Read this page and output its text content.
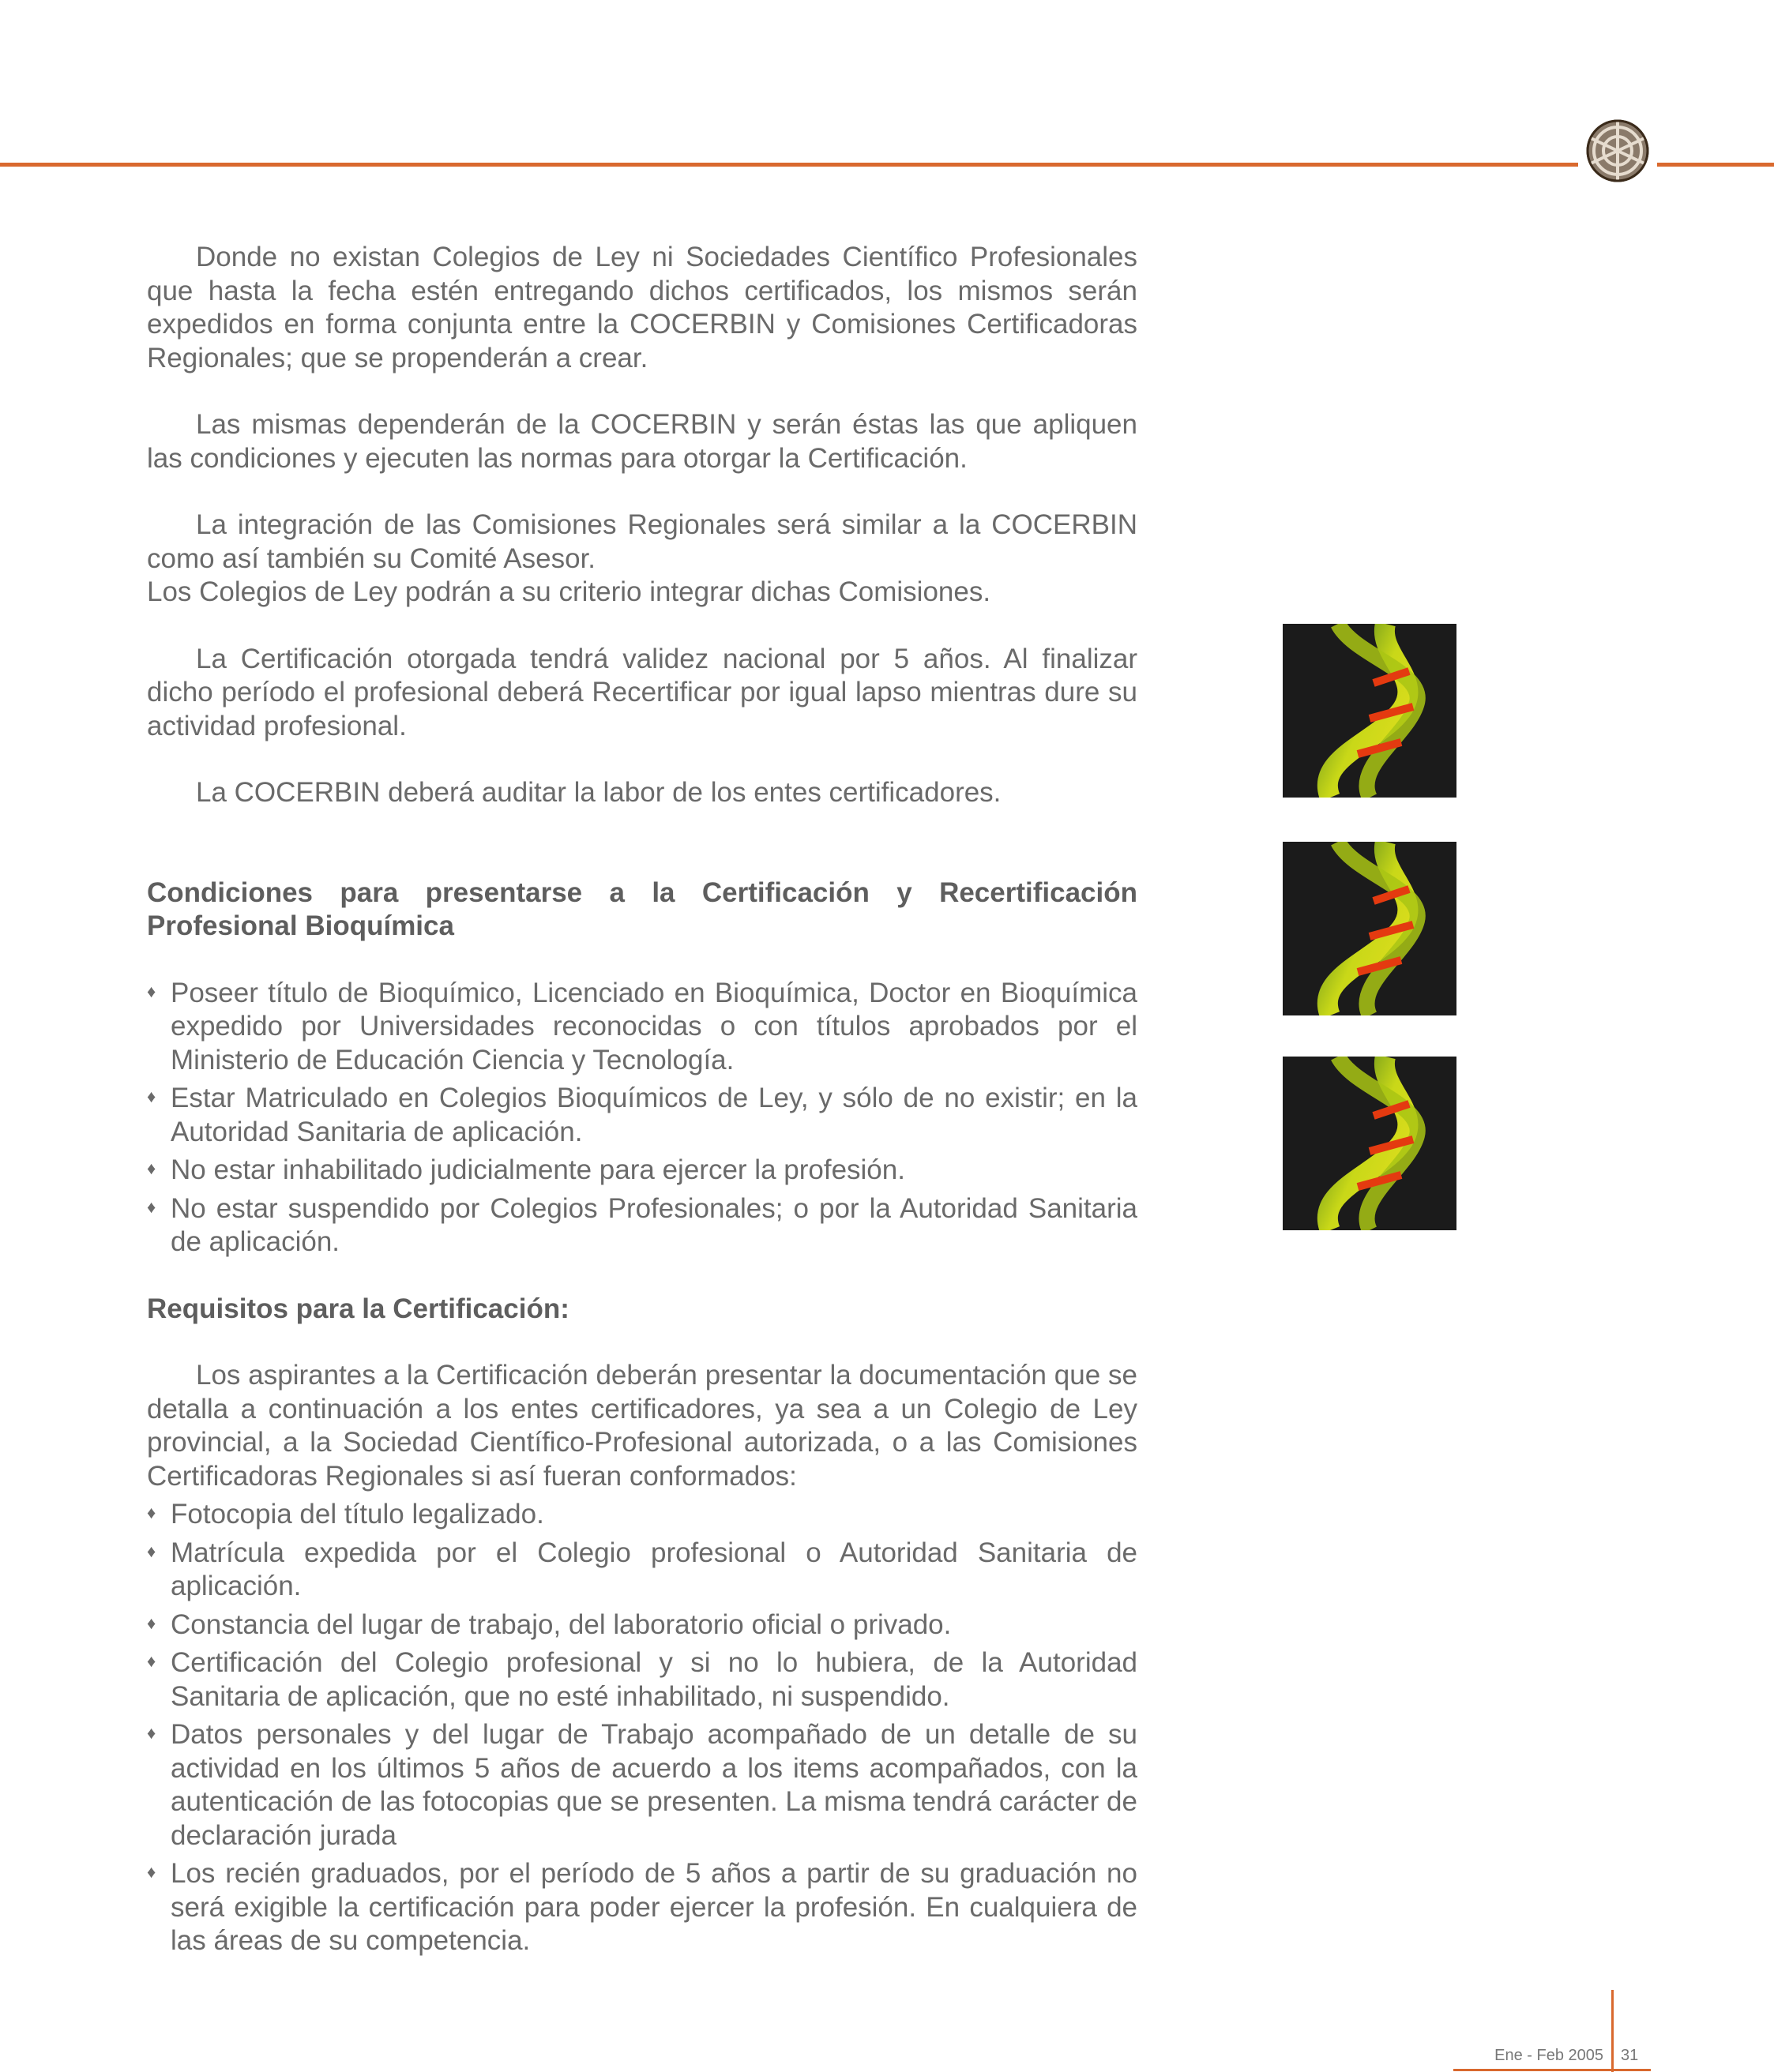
Donde no existan Colegios de Ley ni Sociedades Científico Profesionales que hasta la fecha estén entregando dichos certificados, los mismos serán expedidos en forma conjunta entre la COCERBIN y Comisiones Certificadoras Regionales; que se propenderán a crear.

Las mismas dependerán de la COCERBIN y serán éstas las que apliquen las condiciones y ejecuten las normas para otorgar la Certificación.

La integración de las Comisiones Regionales será similar a la COCERBIN como así también su Comité Asesor.

Los Colegios de Ley podrán a su criterio integrar dichas Comisiones.

La Certificación otorgada tendrá validez nacional por 5 años. Al finalizar dicho período el profesional deberá Recertificar por igual lapso mientras dure su actividad profesional.

La COCERBIN deberá auditar la labor de los entes certificadores.

Condiciones para presentarse a la Certificación y Recertificación Profesional Bioquímica

♦ Poseer título de Bioquímico, Licenciado en Bioquímica, Doctor en Bioquímica expedido por Universidades reconocidas o con títulos aprobados por el Ministerio de Educación Ciencia y Tecnología.
♦ Estar Matriculado en Colegios Bioquímicos de Ley, y sólo de no existir; en la Autoridad Sanitaria de aplicación.
♦ No estar inhabilitado judicialmente para ejercer la profesión.
♦ No estar suspendido por Colegios Profesionales; o por la Autoridad Sanitaria de aplicación.

Requisitos para la Certificación:

Los aspirantes a la Certificación deberán presentar la documentación que se detalla a continuación a los entes certificadores, ya sea a un Colegio de Ley provincial, a la Sociedad Científico-Profesional autorizada, o a las Comisiones Certificadoras Regionales si así fueran conformados:

♦ Fotocopia del título legalizado.
♦ Matrícula expedida por el Colegio profesional o Autoridad Sanitaria de aplicación.
♦ Constancia del lugar de trabajo, del laboratorio oficial o privado.
♦ Certificación del Colegio profesional y si no lo hubiera, de la Autoridad Sanitaria de aplicación, que no esté inhabilitado, ni suspendido.
♦ Datos personales y del lugar de Trabajo acompañado de un detalle de su actividad en los últimos 5 años de acuerdo a los items acompañados, con la autenticación de las fotocopias que se presenten. La misma tendrá carácter de declaración jurada
♦ Los recién graduados, por el período de 5 años a partir de su graduación no será exigible la certificación para poder ejercer la profesión. En cualquiera de las áreas de su competencia.
Ene - Feb 2005 31
